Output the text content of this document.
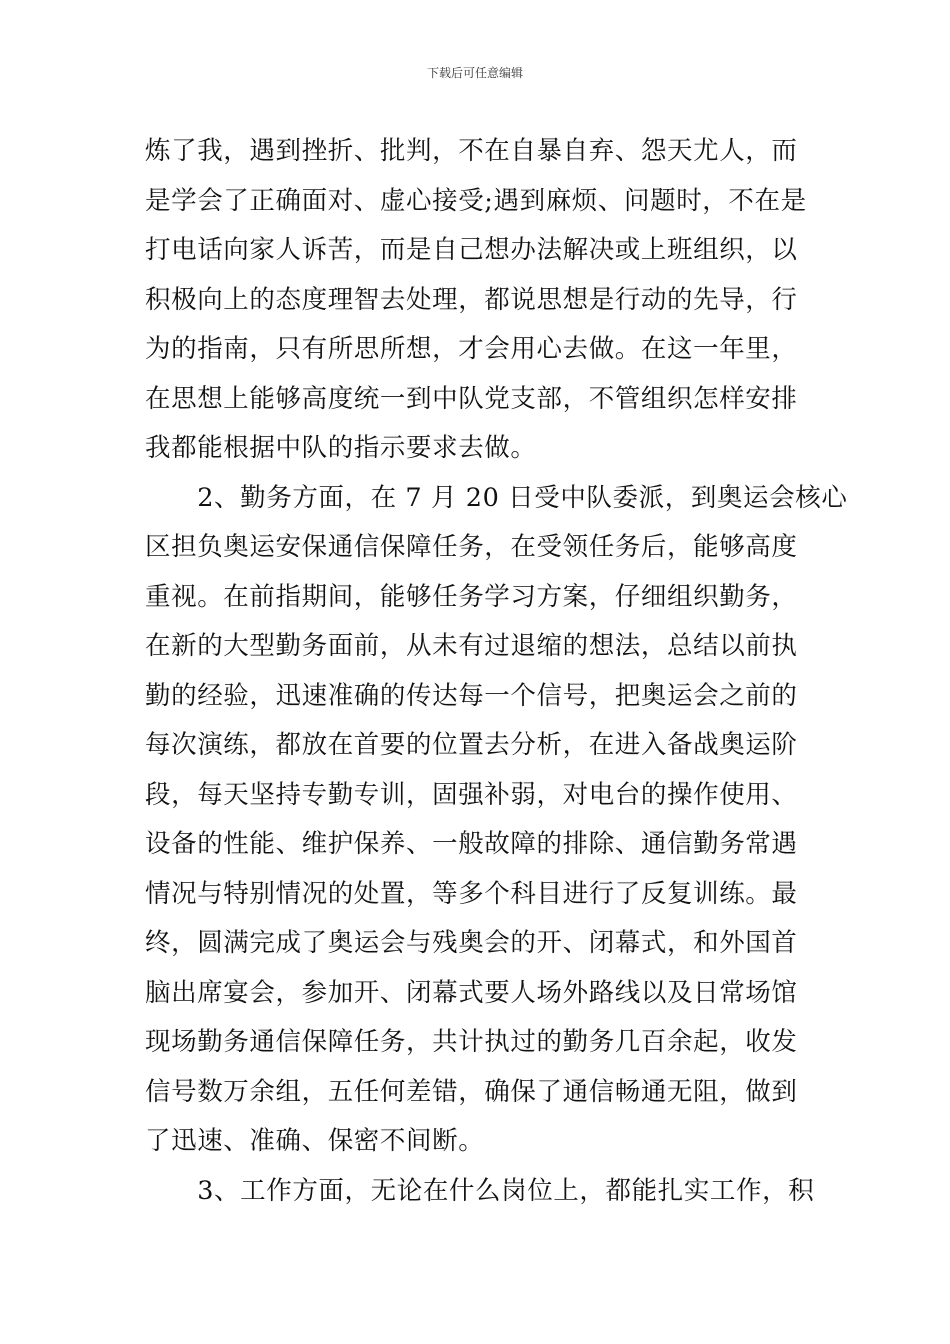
下载后可任意编辑
炼了我，遇到挫折、批判，不在自暴自弃、怨天尤人，而
是学会了正确面对、虚心接受;遇到麻烦、问题时，不在是
打电话向家人诉苦，而是自己想办法解决或上班组织，以
积极向上的态度理智去处理，都说思想是行动的先导，行
为的指南，只有所思所想，才会用心去做。在这一年里，
在思想上能够高度统一到中队党支部，不管组织怎样安排
我都能根据中队的指示要求去做。
　　2、勤务方面，在 7 月 20 日受中队委派，到奥运会核心
区担负奥运安保通信保障任务，在受领任务后，能够高度
重视。在前指期间，能够任务学习方案，仔细组织勤务，
在新的大型勤务面前，从未有过退缩的想法，总结以前执
勤的经验，迅速准确的传达每一个信号，把奥运会之前的
每次演练，都放在首要的位置去分析，在进入备战奥运阶
段，每天坚持专勤专训，固强补弱，对电台的操作使用、
设备的性能、维护保养、一般故障的排除、通信勤务常遇
情况与特别情况的处置，等多个科目进行了反复训练。最
终，圆满完成了奥运会与残奥会的开、闭幕式，和外国首
脑出席宴会，参加开、闭幕式要人场外路线以及日常场馆
现场勤务通信保障任务，共计执过的勤务几百余起，收发
信号数万余组，五任何差错，确保了通信畅通无阻，做到
了迅速、准确、保密不间断。
　　3、工作方面，无论在什么岗位上，都能扎实工作，积
